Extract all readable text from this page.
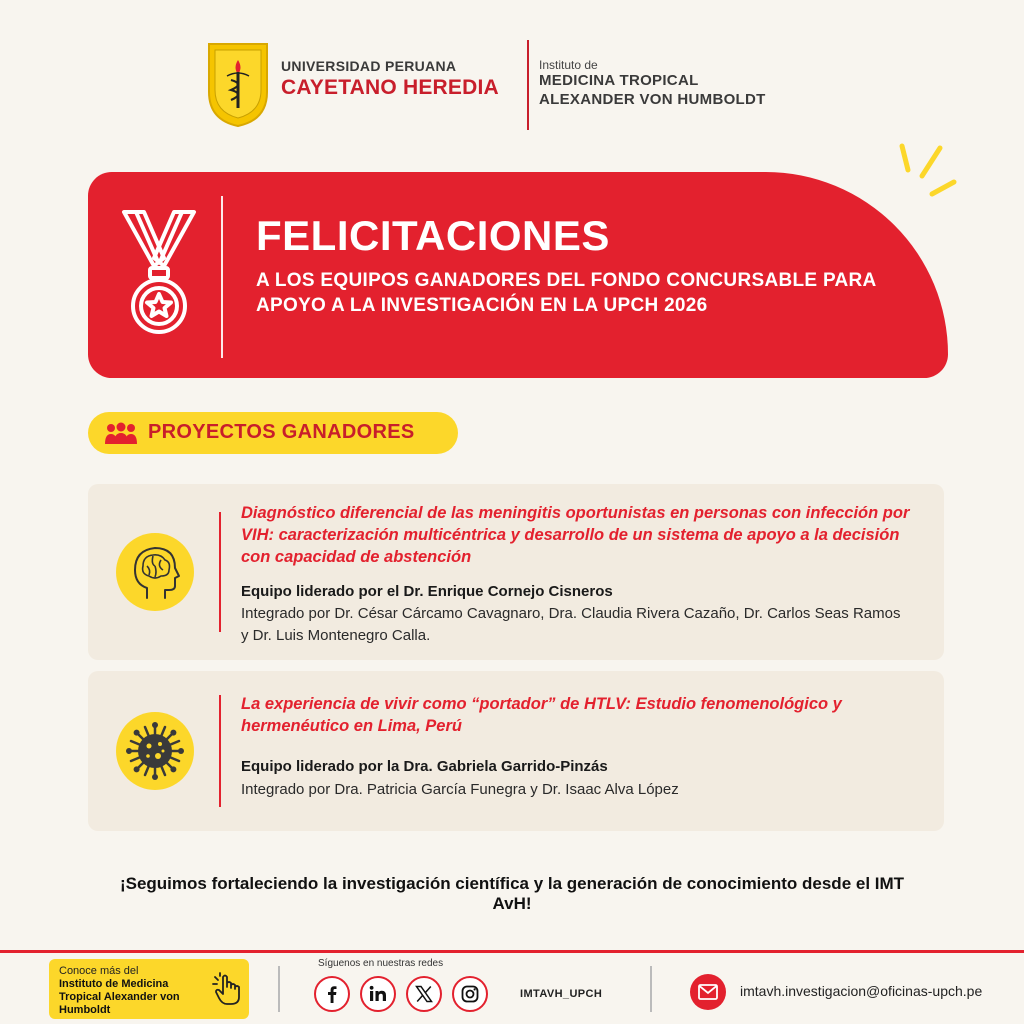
UNIVERSIDAD PERUANA
CAYETANO HEREDIA
Instituto de
MEDICINA TROPICAL
ALEXANDER VON HUMBOLDT
FELICITACIONES
A LOS EQUIPOS GANADORES DEL FONDO CONCURSABLE PARA APOYO A LA INVESTIGACIÓN EN LA UPCH 2026
PROYECTOS GANADORES
Diagnóstico diferencial de las meningitis oportunistas en personas con infección por VIH: caracterización multicéntrica y desarrollo de un sistema de apoyo a la decisión con capacidad de abstención
Equipo liderado por el Dr. Enrique Cornejo Cisneros
Integrado por Dr. César Cárcamo Cavagnaro, Dra. Claudia Rivera Cazaño, Dr. Carlos Seas Ramos y Dr. Luis Montenegro Calla.
La experiencia de vivir como “portador” de HTLV: Estudio fenomenológico y hermenéutico en Lima, Perú
Equipo liderado por la Dra. Gabriela Garrido-Pinzás
Integrado por Dra. Patricia García Funegra y Dr. Isaac Alva López
¡Seguimos fortaleciendo la investigación científica y la generación de conocimiento desde el IMT AvH!
Conoce más del
Instituto de Medicina Tropical Alexander von Humboldt
Síguenos en nuestras redes
IMTAVH_UPCH	imtavh.investigacion@oficinas-upch.pe
